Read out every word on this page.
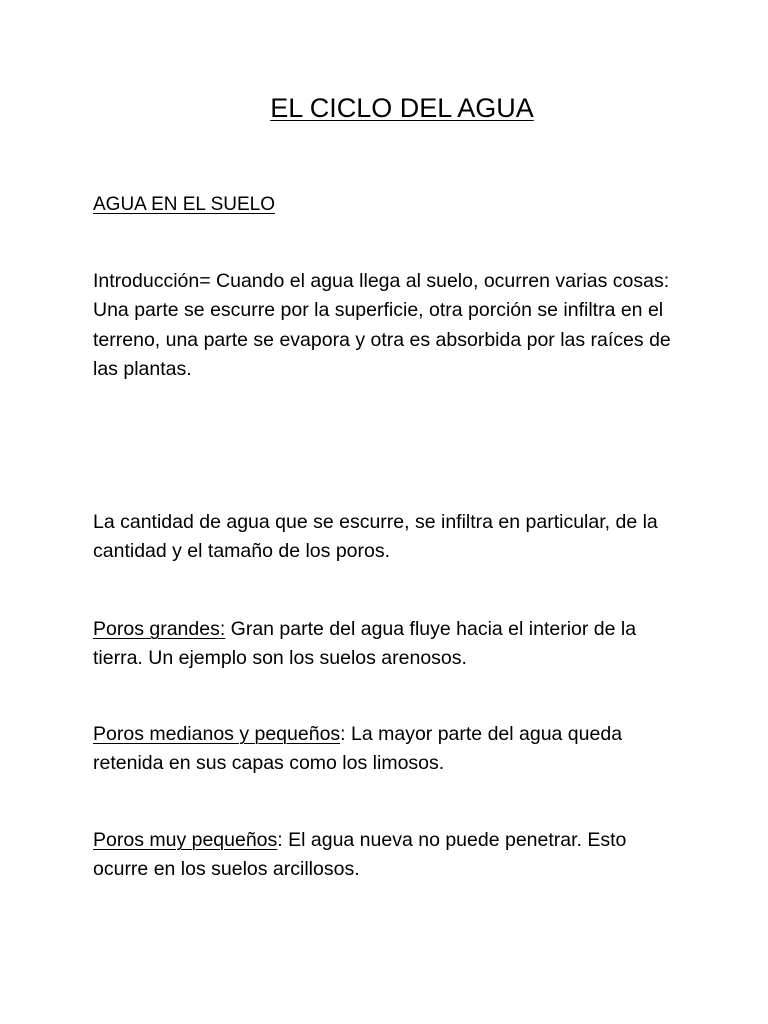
EL CICLO DEL AGUA
AGUA EN EL SUELO

Introducción= Cuando el agua llega al suelo, ocurren varias cosas: Una parte se escurre por la superficie, otra porción se infiltra en el terreno, una parte se evapora y otra es absorbida por las raíces de las plantas.

La cantidad de agua que se escurre, se infiltra en particular, de la cantidad y el tamaño de los poros.

Poros grandes: Gran parte del agua fluye hacia el interior de la tierra. Un ejemplo son los suelos arenosos.

Poros medianos y pequeños: La mayor parte del agua queda retenida en sus capas como los limosos.

Poros muy pequeños: El agua nueva no puede penetrar. Esto ocurre en los suelos arcillosos.
